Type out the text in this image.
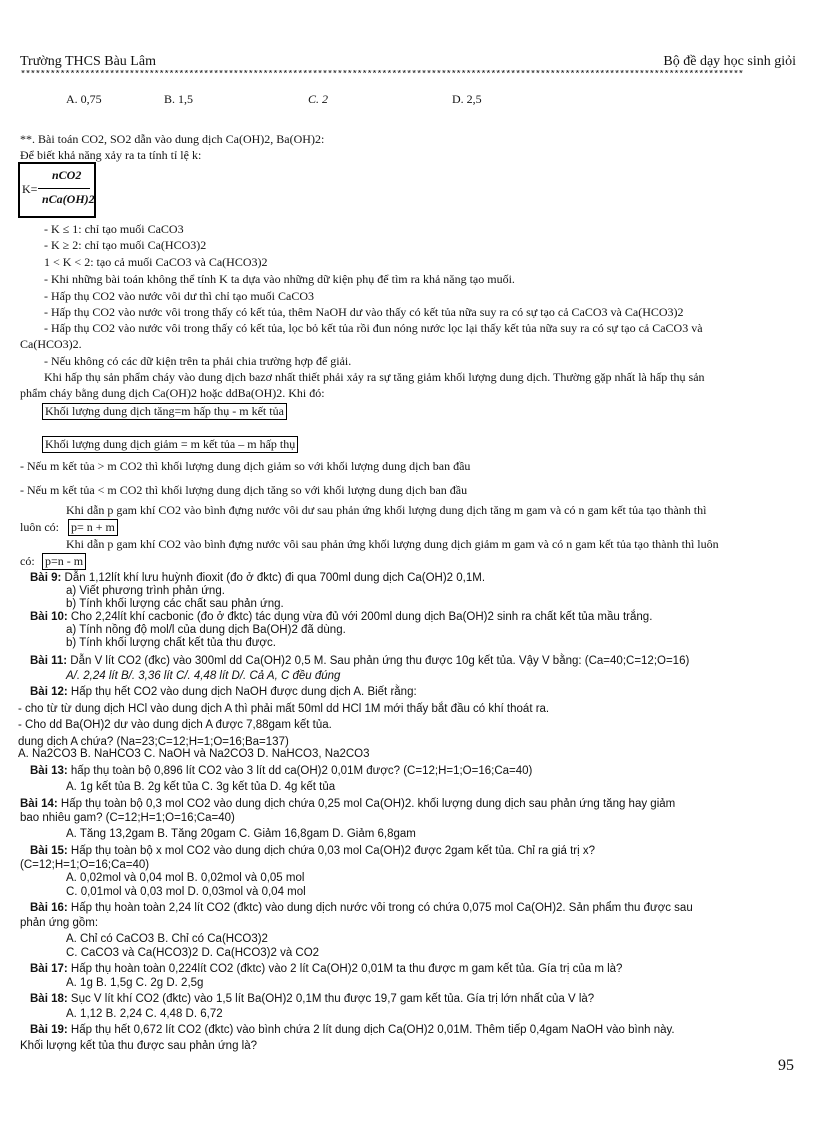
Trường THCS Bàu Lâm	Bộ đề dạy học sinh giỏi
**************************************************************************************************************************************************
A. 0,75	B. 1,5	C. 2	D. 2,5
**. Bài toán CO2, SO2 dẫn vào dung dịch Ca(OH)2, Ba(OH)2:
Để biết khả năng xảy ra ta tính tỉ lệ k:
K=
nCO2
nCa(OH)2
- K ≤ 1: chỉ tạo muối CaCO3
- K ≥ 2: chỉ tạo muối Ca(HCO3)2
1 < K < 2: tạo cả muối CaCO3 và Ca(HCO3)2
- Khi những bài toán không thể tính K ta dựa vào những dữ kiện phụ để tìm ra khả năng tạo muối.
- Hấp thụ CO2 vào nước vôi dư thì chỉ tạo muối CaCO3
- Hấp thụ CO2 vào nước vôi trong thấy có kết tủa, thêm NaOH dư vào thấy có kết tủa nữa suy ra có sự tạo cả CaCO3 và Ca(HCO3)2
- Hấp thụ CO2 vào nước vôi trong thấy có kết tủa, lọc bỏ kết tủa rồi đun nóng nước lọc lại thấy kết tủa nữa suy ra có sự tạo cả CaCO3 và
Ca(HCO3)2.
- Nếu không có các dữ kiện trên ta phải chia trường hợp để giải.
Khi hấp thụ sản phẩm cháy vào dung dịch bazơ nhất thiết phải xảy ra sự tăng giảm khối lượng dung dịch. Thường gặp nhất là hấp thụ sản
phẩm cháy bằng dung dịch Ca(OH)2 hoặc ddBa(OH)2. Khi đó:
Khối lượng dung dịch tăng=m hấp thụ - m kết tủa
Khối lượng dung dịch giảm = m kết tủa – m hấp thụ
- Nếu m kết tủa > m CO2 thì khối lượng dung dịch giảm so với khối lượng dung dịch ban đầu
- Nếu m kết tủa < m CO2 thì khối lượng dung dịch tăng so với khối lượng dung dịch ban đầu
Khi dẫn p gam khí CO2 vào bình đựng nước vôi dư sau phản ứng khối lượng dung dịch tăng m gam và có n gam kết tủa tạo thành thì
luôn có: p= n + m
Khi dẫn p gam khí CO2 vào bình đựng nước vôi sau phản ứng khối lượng dung dịch giảm m gam và có n gam kết tủa tạo thành thì luôn
có: p=n - m
Bài 9: Dẫn 1,12lít khí lưu huỳnh đioxit (đo ở đktc) đi qua 700ml dung dịch Ca(OH)2 0,1M.
a) Viết phương trình phản ứng.
b) Tính khối lượng các chất sau phản ứng.
Bài 10: Cho 2,24lít khí cacbonic (đo ở đktc) tác dụng vừa đủ với 200ml dung dịch Ba(OH)2 sinh ra chất kết tủa mầu trắng.
a) Tính nồng độ mol/l của dung dịch Ba(OH)2 đã dùng.
b) Tính khối lượng chất kết tủa thu được.
Bài 11: Dẫn V lít CO2 (đkc) vào 300ml dd Ca(OH)2 0,5 M. Sau phản ứng thu được 10g kết tủa. Vậy V bằng: (Ca=40;C=12;O=16)
A/. 2,24 lít B/. 3,36 lít C/. 4,48 lít D/. Cả A, C đều đúng
Bài 12: Hấp thụ hết CO2 vào dung dịch NaOH được dung dịch A. Biết rằng:
- cho từ từ dung dịch HCl vào dung dịch A thì phải mất 50ml dd HCl 1M mới thấy bắt đầu có khí thoát ra.
- Cho dd Ba(OH)2 dư vào dung dịch A được 7,88gam kết tủa.
dung dịch A chứa? (Na=23;C=12;H=1;O=16;Ba=137)
A. Na2CO3 B. NaHCO3 C. NaOH và Na2CO3 D. NaHCO3, Na2CO3
Bài 13: hấp thụ toàn bộ 0,896 lít CO2 vào 3 lít dd ca(OH)2 0,01M được? (C=12;H=1;O=16;Ca=40)
A. 1g kết tủa B. 2g kết tủa C. 3g kết tủa D. 4g kết tủa
Bài 14: Hấp thụ toàn bộ 0,3 mol CO2 vào dung dịch chứa 0,25 mol Ca(OH)2. khối lượng dung dịch sau phản ứng tăng hay giảm
bao nhiêu gam? (C=12;H=1;O=16;Ca=40)
A. Tăng 13,2gam B. Tăng 20gam C. Giảm 16,8gam D. Giảm 6,8gam
Bài 15: Hấp thụ toàn bộ x mol CO2 vào dung dịch chứa 0,03 mol Ca(OH)2 được 2gam kết tủa. Chỉ ra giá trị x?
(C=12;H=1;O=16;Ca=40)
A. 0,02mol và 0,04 mol B. 0,02mol và 0,05 mol
C. 0,01mol và 0,03 mol D. 0,03mol và 0,04 mol
Bài 16: Hấp thụ hoàn toàn 2,24 lít CO2 (đktc) vào dung dịch nước vôi trong có chứa 0,075 mol Ca(OH)2. Sản phẩm thu được sau
phản ứng gồm:
A. Chỉ có CaCO3 B. Chỉ có Ca(HCO3)2
C. CaCO3 và Ca(HCO3)2 D. Ca(HCO3)2 và CO2
Bài 17: Hấp thụ hoàn toàn 0,224lít CO2 (đktc) vào 2 lít Ca(OH)2 0,01M ta thu được m gam kết tủa. Gía trị của m là?
A. 1g B. 1,5g C. 2g D. 2,5g
Bài 18: Sục V lít khí CO2 (đktc) vào 1,5 lít Ba(OH)2 0,1M thu được 19,7 gam kết tủa. Gía trị lớn nhất của V là?
A. 1,12 B. 2,24 C. 4,48 D. 6,72
Bài 19: Hấp thụ hết 0,672 lít CO2 (đktc) vào bình chứa 2 lít dung dịch Ca(OH)2 0,01M. Thêm tiếp 0,4gam NaOH vào bình này.
Khối lượng kết tủa thu được sau phản ứng là?
95
